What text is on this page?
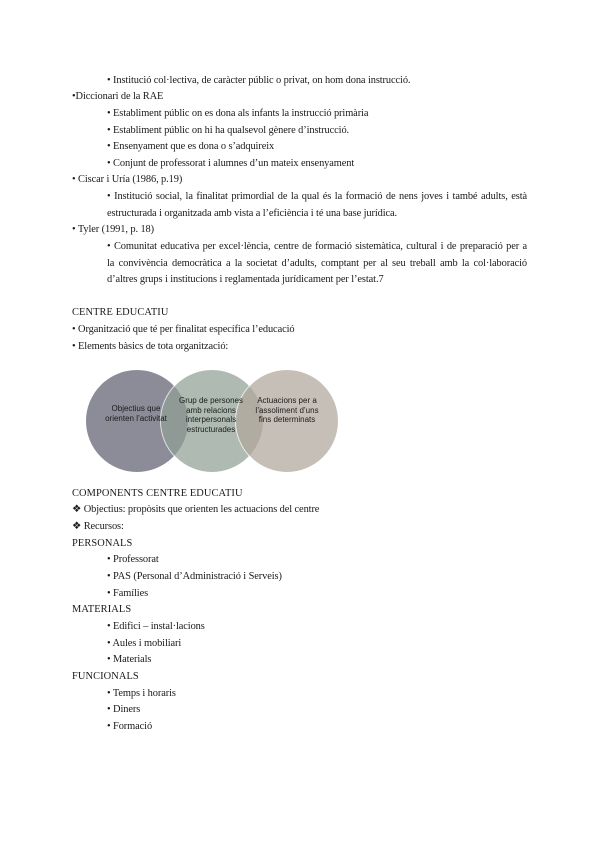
• Institució col·lectiva, de caràcter públic o privat, on hom dona instrucció.
•Diccionari de la RAE
• Establiment públic on es dona als infants la instrucció primària
• Establiment públic on hi ha qualsevol gènere d’instrucció.
• Ensenyament que es dona o s’adquireix
• Conjunt de professorat i alumnes d’un mateix ensenyament
• Ciscar i Uría (1986, p.19)
• Institució social, la finalitat primordial de la qual és la formació de nens joves i també adults, està
estructurada i organitzada amb vista a l’eficiència i té una base jurídica.
• Tyler (1991, p. 18)
• Comunitat educativa per excel·lència, centre de formació sistemàtica, cultural i de preparació per a
la convivència democràtica a la societat d’adults, comptant per al seu treball amb la col·laboració
d’altres grups i institucions i reglamentada jurídicament per l’estat.7
CENTRE EDUCATIU
• Organització que té per finalitat específica l’educació
• Elements bàsics de tota organització:
Objectius que orienten l’activitat
Grup de persones amb relacions interpersonals estructurades
Actuacions per a l’assoliment d’uns fins determinats
COMPONENTS CENTRE EDUCATIU
❖ Objectius: propòsits que orienten les actuacions del centre
❖ Recursos:
PERSONALS
• Professorat
• PAS (Personal d’Administració i Serveis)
• Famílies
MATERIALS
• Edifici – instal·lacions
• Aules i mobiliari
• Materials
FUNCIONALS
• Temps i horaris
• Diners
• Formació
